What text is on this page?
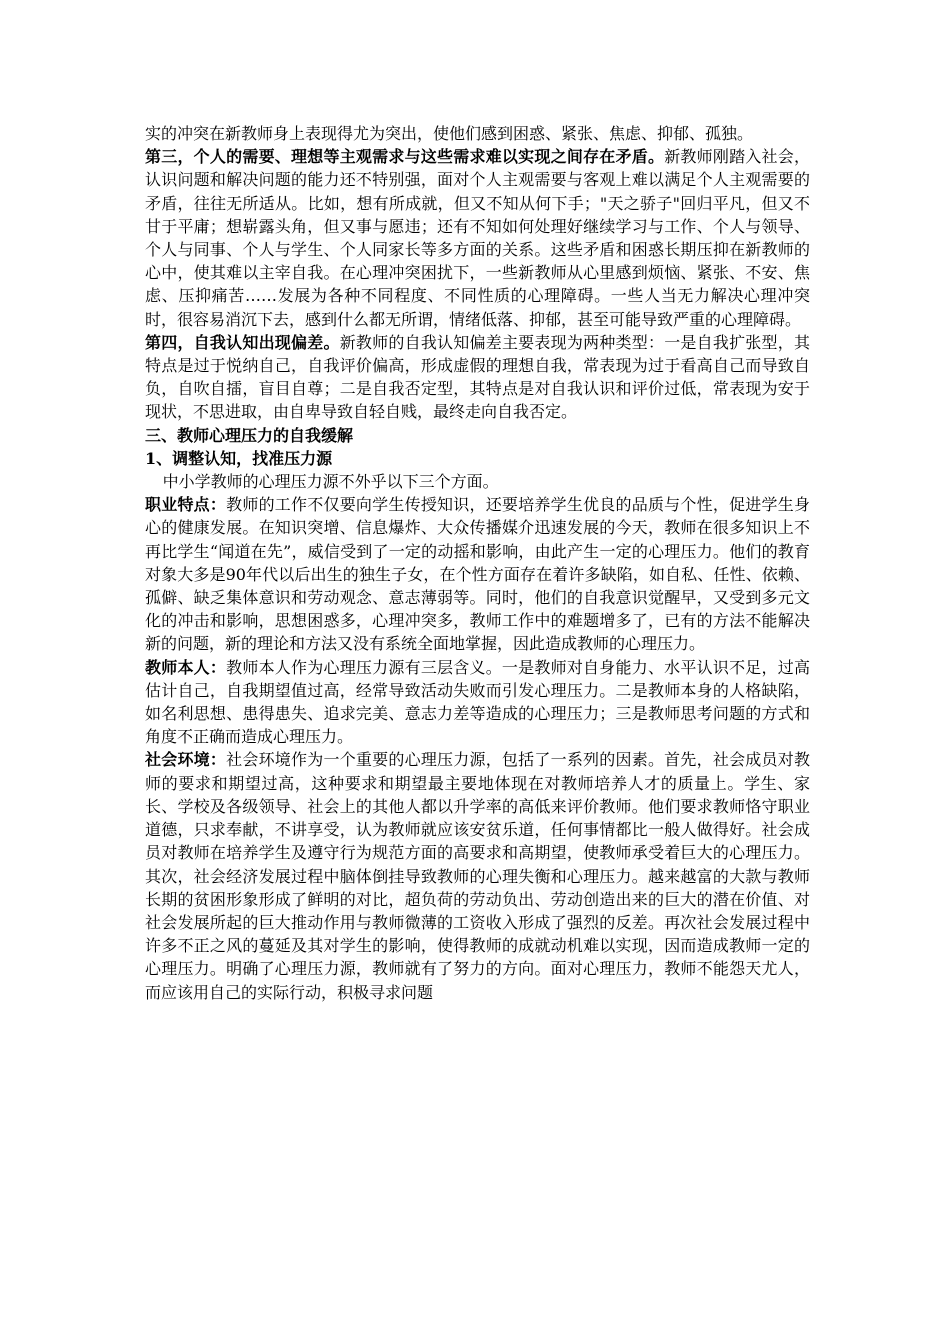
实的冲突在新教师身上表现得尤为突出，使他们感到困惑、紧张、焦虑、抑郁、孤独。

第三，个人的需要、理想等主观需求与这些需求难以实现之间存在矛盾。新教师刚踏入社会，认识问题和解决问题的能力还不特别强，面对个人主观需要与客观上难以满足个人主观需要的矛盾，往往无所适从。比如，想有所成就，但又不知从何下手；"天之骄子"回归平凡，但又不甘于平庸；想崭露头角，但又事与愿违；还有不知如何处理好继续学习与工作、个人与领导、个人与同事、个人与学生、个人同家长等多方面的关系。这些矛盾和困惑长期压抑在新教师的心中，使其难以主宰自我。在心理冲突困扰下，一些新教师从心里感到烦恼、紧张、不安、焦虑、压抑痛苦……发展为各种不同程度、不同性质的心理障碍。一些人当无力解决心理冲突时，很容易消沉下去，感到什么都无所谓，情绪低落、抑郁，甚至可能导致严重的心理障碍。

第四，自我认知出现偏差。新教师的自我认知偏差主要表现为两种类型：一是自我扩张型，其特点是过于悦纳自己，自我评价偏高，形成虚假的理想自我，常表现为过于看高自己而导致自负，自吹自擂，盲目自尊；二是自我否定型，其特点是对自我认识和评价过低，常表现为安于现状，不思进取，由自卑导致自轻自贱，最终走向自我否定。

三、教师心理压力的自我缓解

1、调整认知，找准压力源

中小学教师的心理压力源不外乎以下三个方面。

职业特点：教师的工作不仅要向学生传授知识，还要培养学生优良的品质与个性，促进学生身心的健康发展。在知识突增、信息爆炸、大众传播媒介迅速发展的今天，教师在很多知识上不再比学生“闻道在先”，威信受到了一定的动摇和影响，由此产生一定的心理压力。他们的教育对象大多是90年代以后出生的独生子女，在个性方面存在着许多缺陷，如自私、任性、依赖、孤僻、缺乏集体意识和劳动观念、意志薄弱等。同时，他们的自我意识觉醒早，又受到多元文化的冲击和影响，思想困惑多，心理冲突多，教师工作中的难题增多了，已有的方法不能解决新的问题，新的理论和方法又没有系统全面地掌握，因此造成教师的心理压力。

教师本人：教师本人作为心理压力源有三层含义。一是教师对自身能力、水平认识不足，过高估计自己，自我期望值过高，经常导致活动失败而引发心理压力。二是教师本身的人格缺陷，如名利思想、患得患失、追求完美、意志力差等造成的心理压力；三是教师思考问题的方式和角度不正确而造成心理压力。

社会环境：社会环境作为一个重要的心理压力源，包括了一系列的因素。首先，社会成员对教师的要求和期望过高，这种要求和期望最主要地体现在对教师培养人才的质量上。学生、家长、学校及各级领导、社会上的其他人都以升学率的高低来评价教师。他们要求教师恪守职业道德，只求奉献，不讲享受，认为教师就应该安贫乐道，任何事情都比一般人做得好。社会成员对教师在培养学生及遵守行为规范方面的高要求和高期望，使教师承受着巨大的心理压力。其次，社会经济发展过程中脑体倒挂导致教师的心理失衡和心理压力。越来越富的大款与教师长期的贫困形象形成了鲜明的对比，超负荷的劳动负出、劳动创造出来的巨大的潜在价值、对社会发展所起的巨大推动作用与教师微薄的工资收入形成了强烈的反差。再次社会发展过程中许多不正之风的蔓延及其对学生的影响，使得教师的成就动机难以实现，因而造成教师一定的心理压力。明确了心理压力源，教师就有了努力的方向。面对心理压力，教师不能怨天尤人，而应该用自己的实际行动，积极寻求问题
